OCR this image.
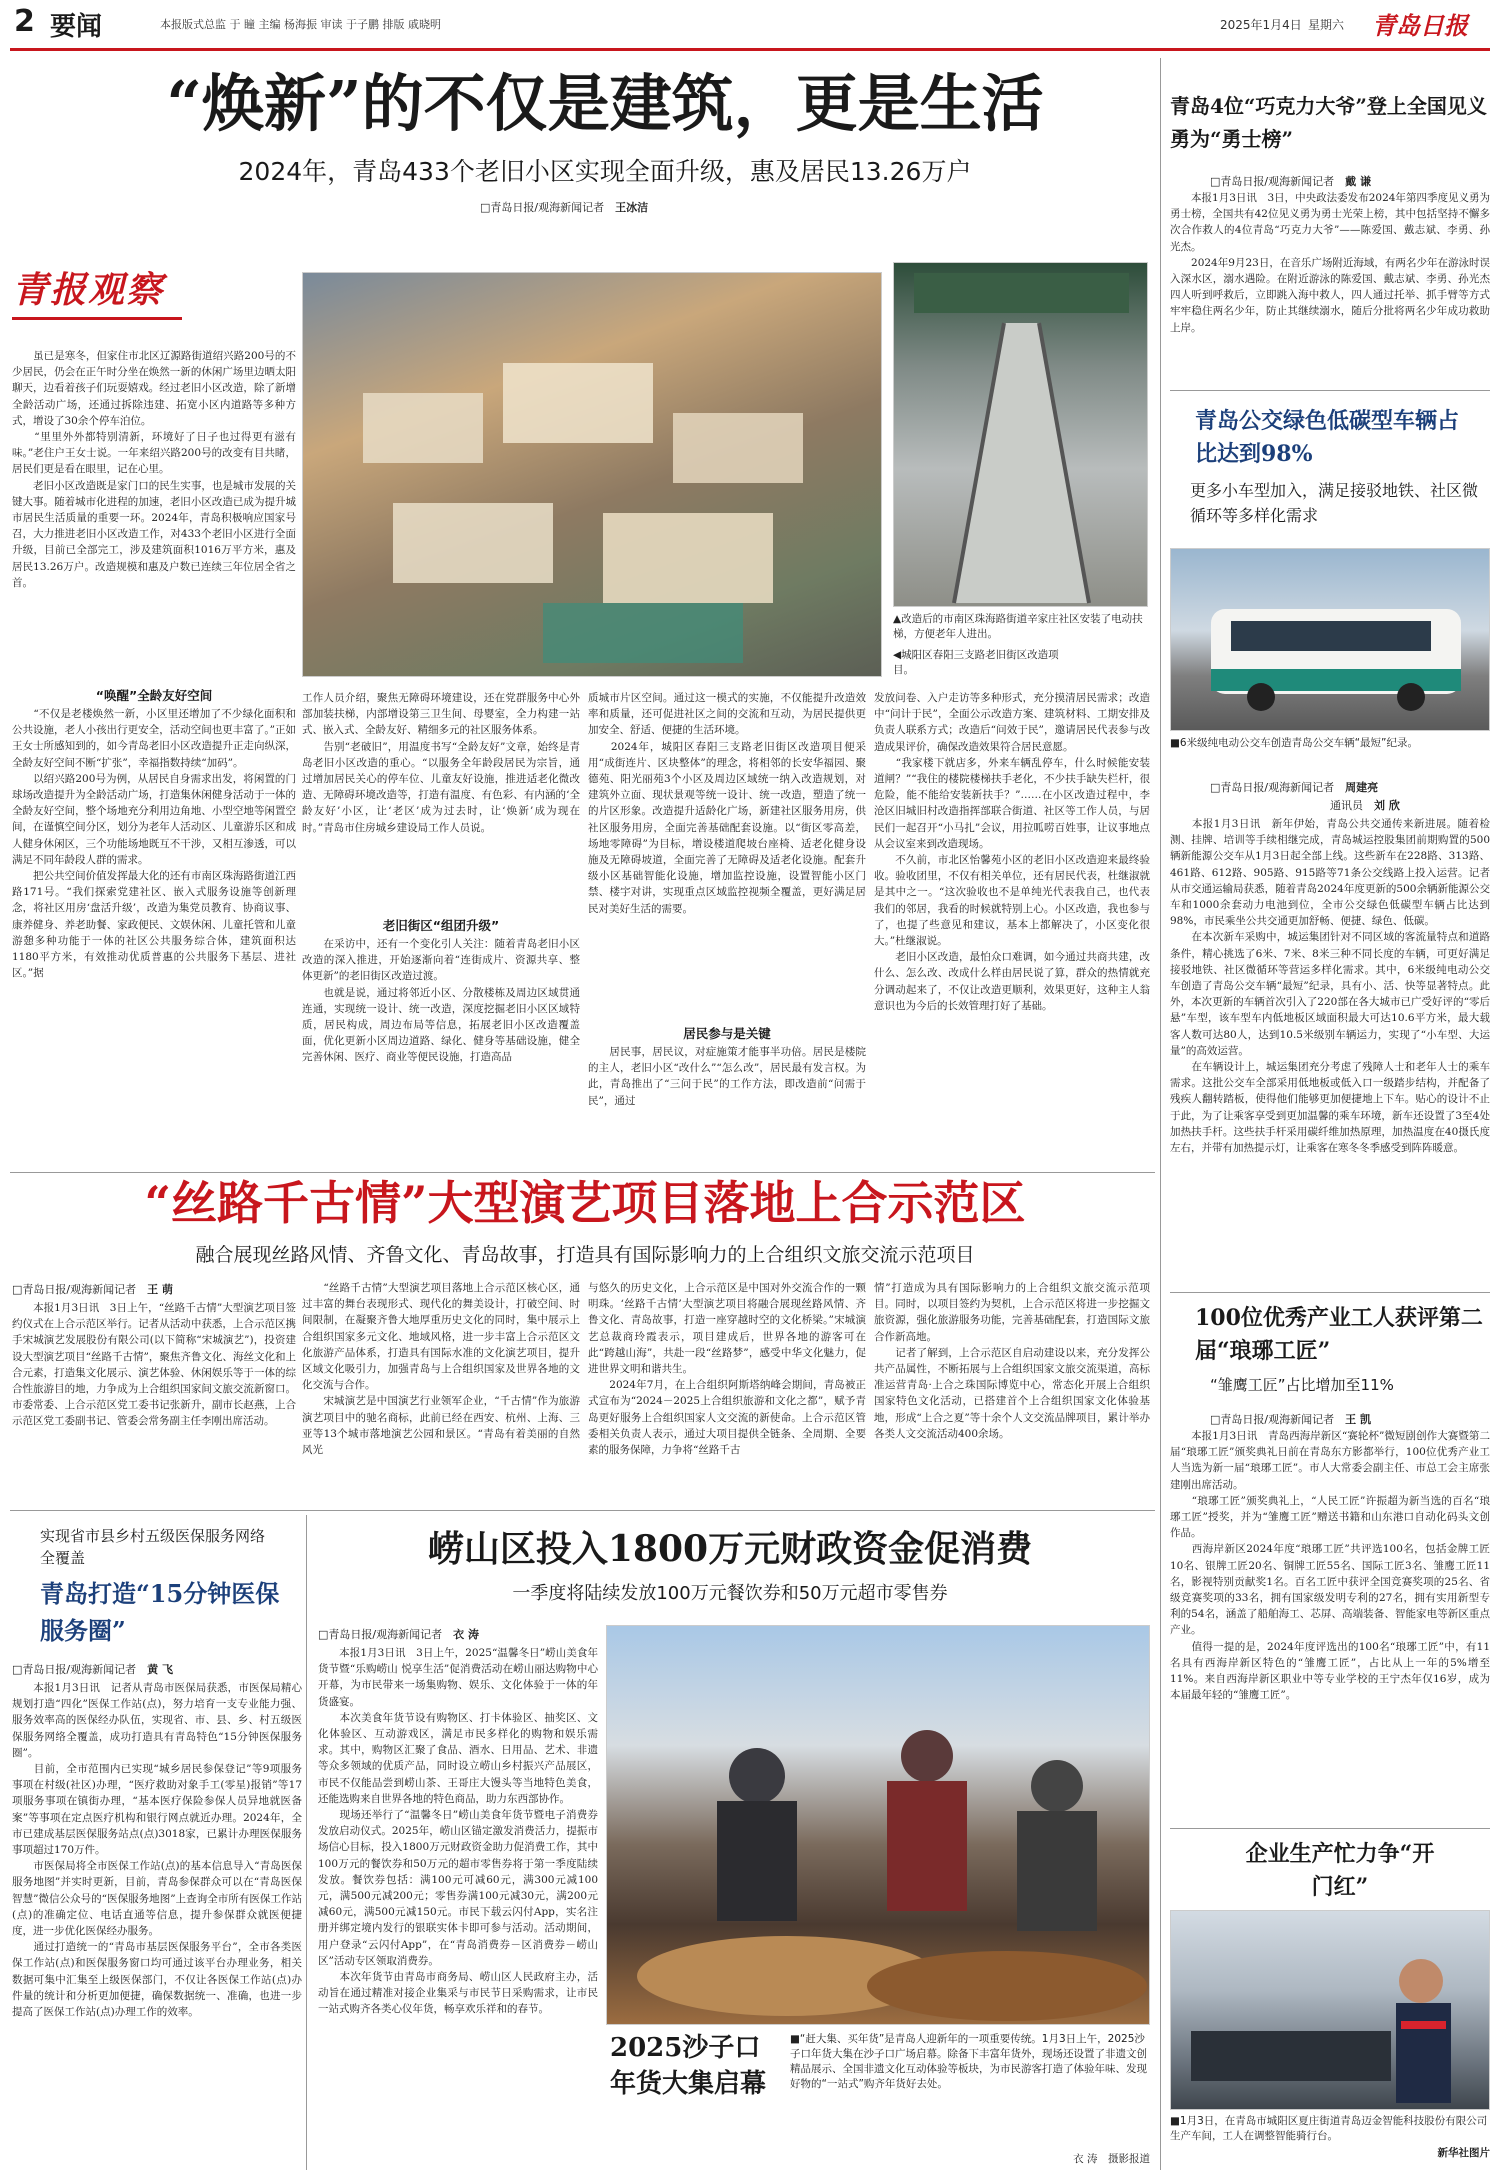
2 要闻	本报版式总监 于 瞳 主编 杨海振 审读 于子鹏 排版 戚晓明	2025年1月4日 星期六 青岛日报
“焕新”的不仅是建筑，更是生活
2024年，青岛433个老旧小区实现全面升级，惠及居民13.26万户
□青岛日报/观海新闻记者　 王冰洁
青报观察
　　虽已是寒冬，但家住市北区辽源路街道绍兴路200号的不少居民，仍会在正午时分坐在焕然一新的休闲广场里边晒太阳聊天，边看着孩子们玩耍嬉戏。经过老旧小区改造，除了新增全龄活动广场，还通过拆除违建、拓宽小区内道路等多种方式，增设了30余个停车泊位。
　　“里里外外都特别清新，环境好了日子也过得更有滋有味。”老住户王女士说。一年来绍兴路200号的改变有目共睹，居民们更是看在眼里，记在心里。
　　老旧小区改造既是家门口的民生实事，也是城市发展的关键大事。随着城市化进程的加速，老旧小区改造已成为提升城市居民生活质量的重要一环。2024年，青岛积极响应国家号召，大力推进老旧小区改造工作，对433个老旧小区进行全面升级，目前已全部完工，涉及建筑面积1016万平方米，惠及居民13.26万户。改造规模和惠及户数已连续三年位居全省之首。
“唤醒”全龄友好空间
　　“不仅是老楼焕然一新，小区里还增加了不少绿化面积和公共设施，老人小孩出行更安全，活动空间也更丰富了。”正如王女士所感知到的，如今青岛老旧小区改造提升正走向纵深，全龄友好空间不断“扩张”，幸福指数持续“加码”。
　　以绍兴路200号为例，从居民自身需求出发，将闲置的门球场改造提升为全龄活动广场，打造集休闲健身活动于一体的全龄友好空间，整个场地充分利用边角地、小型空地等闲置空间，在谨慎空间分区，划分为老年人活动区、儿童游乐区和成人健身休闲区，三个功能场地既互不干涉，又相互渗透，可以满足不同年龄段人群的需求。
　　把公共空间价值发挥最大化的还有市南区珠海路街道江西路171号。“我们探索党建社区、嵌入式服务设施等创新理念，将社区用房‘盘活升级’，改造为集党员教育、协商议事、康养健身、养老助餐、家政便民、文娱休闲、儿童托管和儿童游憩多种功能于一体的社区公共服务综合体，建筑面积达1180平方米，有效推动优质普惠的公共服务下基层、进社区。”据
▲改造后的市南区珠海路街道辛家庄社区安装了电动扶梯，方便老年人进出。
◀城阳区春阳三支路老旧街区改造项目。
工作人员介绍，聚焦无障碍环境建设，还在党群服务中心外部加装扶梯，内部增设第三卫生间、母婴室，全力构建一站式、嵌入式、全龄友好、精细多元的社区服务体系。
　　告别“老破旧”，用温度书写“全龄友好”文章，始终是青岛老旧小区改造的重心。“以服务全年龄段居民为宗旨，通过增加居民关心的停车位、儿童友好设施，推进适老化微改造、无障碍环境改造等，打造有温度、有色彩、有内涵的‘全龄友好’小区，让‘老区’成为过去时，让‘焕新’成为现在时。”青岛市住房城乡建设局工作人员说。
老旧街区“组团升级”
　　在采访中，还有一个变化引人关注：随着青岛老旧小区改造的深入推进，开始逐渐向着“连街成片、资源共享、整体更新”的老旧街区改造过渡。
　　也就是说，通过将邻近小区、分散楼栋及周边区域贯通连通，实现统一设计、统一改造，深度挖掘老旧小区区域特质，居民构成，周边布局等信息，拓展老旧小区改造覆盖面，优化更新小区周边道路、绿化、健身等基础设施，健全完善休闲、医疗、商业等便民设施，打造高品
质城市片区空间。通过这一模式的实施，不仅能提升改造效率和质量，还可促进社区之间的交流和互动，为居民提供更加安全、舒适、便捷的生活环境。
　　2024年，城阳区春阳三支路老旧街区改造项目便采用“成街连片、区块整体”的理念，将相邻的长安华福园、聚德苑、阳光丽苑3个小区及周边区域统一纳入改造规划，对建筑外立面、现状景观等统一设计、统一改造，塑造了统一的片区形象。改造提升适龄化广场，新建社区服务用房，供社区服务用房，全面完善基础配套设施。以“街区零高差，场地零障碍”为目标，增设楼道爬坡台座椅、适老化健身设施及无障碍坡道，全面完善了无障碍及适老化设施。配套升级小区基础智能化设施，增加监控设施，设置智能小区门禁、楼宇对讲，实现重点区域监控视频全覆盖，更好满足居民对美好生活的需要。
居民参与是关键
　　居民事，居民议，对症施策才能事半功倍。居民是楼院的主人，老旧小区“改什么”“怎么改”，居民最有发言权。为此，青岛推出了“三问于民”的工作方法，即改造前“问需于民”，通过
发放问卷、入户走访等多种形式，充分摸清居民需求；改造中“问计于民”，全面公示改造方案、建筑材料、工期安排及负责人联系方式；改造后“问效于民”，邀请居民代表参与改造成果评价，确保改造效果符合居民意愿。
　　“我家楼下就店多，外来车辆乱停车，什么时候能安装道闸？”“我住的楼院楼梯扶手老化，不少扶手缺失栏杆，很危险，能不能给安装新扶手？”……在小区改造过程中，李沧区旧城旧村改造指挥部联合街道、社区等工作人员，与居民们一起召开“小马扎”会议，用拉呱唠百姓事，让议事地点从会议室来到改造现场。
　　不久前，市北区怡馨苑小区的老旧小区改造迎来最终验收。验收团里，不仅有相关单位，还有居民代表，杜继淑就是其中之一。“这次验收也不是单纯光代表我自己，也代表我们的邻居，我看的时候就特别上心。小区改造，我也参与了，也提了些意见和建议，基本上都解决了，小区变化很大。”杜继淑说。
　　老旧小区改造，最怕众口难调，如今通过共商共建，改什么、怎么改、改成什么样由居民说了算，群众的热情就充分调动起来了，不仅让改造更顺利，效果更好，这种主人翁意识也为今后的长效管理打好了基础。
“丝路千古情”大型演艺项目落地上合示范区
融合展现丝路风情、齐鲁文化、青岛故事，打造具有国际影响力的上合组织文旅交流示范项目
□青岛日报/观海新闻记者　 王 萌
　　本报1月3日讯　3日上午，“丝路千古情”大型演艺项目签约仪式在上合示范区举行。记者从活动中获悉，上合示范区携手宋城演艺发展股份有限公司(以下简称“宋城演艺”)，投资建设大型演艺项目“丝路千古情”，聚焦齐鲁文化、海丝文化和上合元素，打造集文化展示、演艺体验、休闲娱乐等于一体的综合性旅游目的地，力争成为上合组织国家间文旅交流新窗口。市委常委、上合示范区党工委书记张新升，副市长赵燕，上合示范区党工委副书记、管委会常务副主任李刚出席活动。
　　“丝路千古情”大型演艺项目落地上合示范区核心区，通过丰富的舞台表现形式、现代化的舞美设计，打破空间、时间限制，在凝聚齐鲁大地厚重历史文化的同时，集中展示上合组织国家多元文化、地域风格，进一步丰富上合示范区文化旅游产品体系，打造具有国际水准的文化演艺项目，提升区域文化吸引力，加强青岛与上合组织国家及世界各地的文化交流与合作。
　　宋城演艺是中国演艺行业领军企业，“千古情”作为旅游演艺项目中的驰名商标，此前已经在西安、杭州、上海、三亚等13个城市落地演艺公园和景区。“青岛有着美丽的自然风光
与悠久的历史文化，上合示范区是中国对外交流合作的一颗明珠。‘丝路千古情’大型演艺项目将融合展现丝路风情、齐鲁文化、青岛故事，打造一座穿越时空的文化桥梁。”宋城演艺总裁商玲霞表示，项目建成后，世界各地的游客可在此“跨越山海”，共赴一段“丝路梦”，感受中华文化魅力，促进世界文明和谐共生。
　　2024年7月，在上合组织阿斯塔纳峰会期间，青岛被正式宣布为“2024－2025上合组织旅游和文化之都”，赋予青岛更好服务上合组织国家人文交流的新使命。上合示范区管委相关负责人表示，通过大项目提供全链条、全周期、全要素的服务保障，力争将“丝路千古
情”打造成为具有国际影响力的上合组织文旅交流示范项目。同时，以项目签约为契机，上合示范区将进一步挖掘文旅资源，强化旅游服务功能，完善基础配套，打造国际文旅合作新高地。
　　记者了解到，上合示范区自启动建设以来，充分发挥公共产品属性，不断拓展与上合组织国家文旅交流渠道，高标准运营青岛·上合之珠国际博览中心，常态化开展上合组织国家特色文化活动，已搭建首个上合组织国家文化体验基地，形成“上合之夏”等十余个人文交流品牌项目，累计举办各类人文交流活动400余场。
实现省市县乡村五级医保服务网络全覆盖
青岛打造“15分钟医保服务圈”
□青岛日报/观海新闻记者　 黄 飞
　　本报1月3日讯　记者从青岛市医保局获悉，市医保局精心规划打造“四化”医保工作站(点)，努力培育一支专业能力强、服务效率高的医保经办队伍，实现省、市、县、乡、村五级医保服务网络全覆盖，成功打造具有青岛特色“15分钟医保服务圈”。
　　目前，全市范围内已实现“城乡居民参保登记”等9项服务事项在村级(社区)办理，“医疗救助对象手工(零星)报销”等17项服务事项在镇街办理，“基本医疗保险参保人员异地就医备案”等事项在定点医疗机构和银行网点就近办理。2024年，全市已建成基层医保服务站点(点)3018家，已累计办理医保服务事项超过170万件。
　　市医保局将全市医保工作站(点)的基本信息导入“青岛医保服务地图”并实时更新，目前，青岛参保群众可以在“青岛医保智慧”微信公众号的“医保服务地图”上查询全市所有医保工作站(点)的准确定位、电话直通等信息，提升参保群众就医便捷度，进一步优化医保经办服务。
　　通过打造统一的“青岛市基层医保服务平台”，全市各类医保工作站(点)和医保服务窗口均可通过该平台办理业务，相关数据可集中汇集至上级医保部门，不仅让各医保工作站(点)办件量的统计和分析更加便捷，确保数据统一、准确，也进一步提高了医保工作站(点)办理工作的效率。
崂山区投入1800万元财政资金促消费
一季度将陆续发放100万元餐饮券和50万元超市零售券
□青岛日报/观海新闻记者　 衣 涛
　　本报1月3日讯　3日上午，2025“温馨冬日”崂山美食年货节暨“乐购崂山 悦享生活”促消费活动在崂山丽达购物中心开幕，为市民带来一场集购物、娱乐、文化体验于一体的年货盛宴。
　　本次美食年货节设有购物区、打卡体验区、抽奖区、文化体验区、互动游戏区，满足市民多样化的购物和娱乐需求。其中，购物区汇聚了食品、酒水、日用品、艺术、非遗等众多领域的优质产品，同时设立崂山乡村振兴产品展区，市民不仅能品尝到崂山茶、王哥庄大馒头等当地特色美食，还能选购来自世界各地的特色商品，助力东西部协作。
　　现场还举行了“温馨冬日”崂山美食年货节暨电子消费券发放启动仪式。2025年，崂山区锚定激发消费活力，提振市场信心目标，投入1800万元财政资金助力促消费工作，其中100万元的餐饮券和50万元的超市零售券将于第一季度陆续发放。餐饮券包括：满100元可减60元，满300元减100元，满500元减200元；零售券满100元减30元，满200元减60元，满500元减150元。市民下载云闪付App，实名注册并绑定境内发行的银联实体卡即可参与活动。活动期间，用户登录“云闪付App”，在“青岛消费券－区消费券－崂山区”活动专区领取消费券。
　　本次年货节由青岛市商务局、崂山区人民政府主办，活动旨在通过精准对接企业集采与市民节日采购需求，让市民一站式购齐各类心仪年货，畅享欢乐祥和的春节。
2025沙子口年货大集启幕
■“赶大集、买年货”是青岛人迎新年的一项重要传统。1月3日上午，2025沙子口年货大集在沙子口广场启幕。除备下丰富年货外，现场还设置了非遗文创精品展示、全国非遗文化互动体验等板块，为市民游客打造了体验年味、发现好物的“一站式”购齐年货好去处。
衣 涛　摄影报道
青岛4位“巧克力大爷”登上全国见义勇为“勇士榜”
□青岛日报/观海新闻记者　 戴 谦
　　本报1月3日讯　3日，中央政法委发布2024年第四季度见义勇为勇士榜，全国共有42位见义勇为勇士光荣上榜，其中包括坚持不懈多次合作救人的4位青岛“巧克力大爷”——陈爱国、戴志斌、李勇、孙光杰。
　　2024年9月23日，在音乐广场附近海域，有两名少年在游泳时误入深水区，溺水遇险。在附近游泳的陈爱国、戴志斌、李勇、孙光杰四人听到呼救后，立即跳入海中救人，四人通过托举、抓手臂等方式牢牢稳住两名少年，防止其继续溺水，随后分批将两名少年成功救助上岸。
青岛公交绿色低碳型车辆占比达到98%
更多小车型加入，满足接驳地铁、社区微循环等多样化需求
■6米级纯电动公交车创造青岛公交车辆“最短”纪录。
□青岛日报/观海新闻记者　 周建亮
通讯员　 刘 欣
　　本报1月3日讯　新年伊始，青岛公共交通传来新进展。随着检测、挂牌、培训等手续相继完成，青岛城运控股集团前期购置的500辆新能源公交车从1月3日起全部上线。这些新车在228路、313路、461路、612路、905路、915路等71条公交线路上投入运营。记者从市交通运输局获悉，随着青岛2024年度更新的500余辆新能源公交车和1000余套动力电池到位，全市公交绿色低碳型车辆占比达到98%，市民乘坐公共交通更加舒畅、便捷、绿色、低碳。
　　在本次新车采购中，城运集团针对不同区域的客流量特点和道路条件，精心挑选了6米、7米、8米三种不同长度的车辆，可更好满足接驳地铁、社区微循环等营运多样化需求。其中，6米级纯电动公交车创造了青岛公交车辆“最短”纪录，具有小、活、快等显著特点。此外，本次更新的车辆首次引入了220部在各大城市已广受好评的“零后悬”车型，该车型车内低地板区域面积最大可达10.6平方米，最大载客人数可达80人，达到10.5米级别车辆运力，实现了“小车型、大运量”的高效运营。
　　在车辆设计上，城运集团充分考虑了残障人士和老年人士的乘车需求。这批公交车全部采用低地板或低入口一级踏步结构，并配备了残疾人翻转踏板，使得他们能够更加便捷地上下车。贴心的设计不止于此，为了让乘客享受到更加温馨的乘车环境，新车还设置了3至4处加热扶手杆。这些扶手杆采用碳纤维加热原理，加热温度在40摄氏度左右，并带有加热提示灯，让乘客在寒冬冬季感受到阵阵暖意。
100位优秀产业工人获评第二届“琅琊工匠”
“雏鹰工匠”占比增加至11%
□青岛日报/观海新闻记者　 王 凯
　　本报1月3日讯　青岛西海岸新区“赛轮杯”微短剧创作大赛暨第二届“琅琊工匠”颁奖典礼日前在青岛东方影都举行，100位优秀产业工人当选为新一届“琅琊工匠”。市人大常委会副主任、市总工会主席张建刚出席活动。
　　“琅琊工匠”颁奖典礼上，“人民工匠”许振超为新当选的百名“琅琊工匠”授奖，并为“雏鹰工匠”赠送书籍和山东港口自动化码头文创作品。
　　西海岸新区2024年度“琅琊工匠”共评选100名，包括金牌工匠10名、银牌工匠20名、铜牌工匠55名、国际工匠3名、雏鹰工匠11名，影视特别贡献奖1名。百名工匠中获评全国竞赛奖项的25名、省级竞赛奖项的33名，拥有国家级发明专利的27名，拥有实用新型专利的54名，涵盖了船舶海工、芯屏、高端装备、智能家电等新区重点产业。
　　值得一提的是，2024年度评选出的100名“琅琊工匠”中，有11名具有西海岸新区特色的“雏鹰工匠”，占比从上一年的5%增至11%。来自西海岸新区职业中等专业学校的王宁杰年仅16岁，成为本届最年轻的“雏鹰工匠”。
企业生产忙力争“开门红”
■1月3日，在青岛市城阳区夏庄街道青岛迈金智能科技股份有限公司生产车间，工人在调整智能骑行台。
新华社图片
